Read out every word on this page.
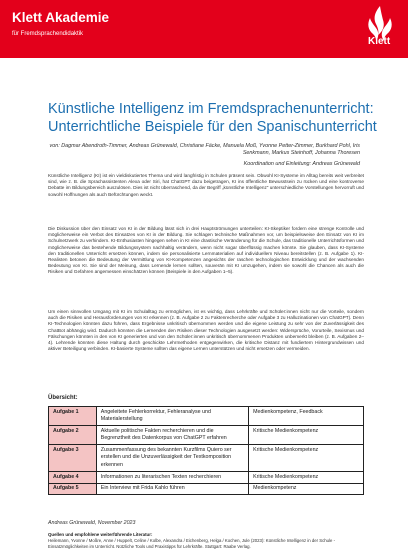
Klett Akademie
für Fremdsprachendidaktik
Klett
Künstliche Intelligenz im Fremdsprachenunterricht: Unterrichtliche Beispiele für den Spanischunterricht
von: Dagmar Abendroth-Timmer, Andreas Grünewald, Christiane Fäcke, Manuela Moß, Yvonne Petter-Zimmer, Burkhard Pohl, Iris Senkmann, Markus Steinhoff, Johanna Thoresen
Koordination und Einleitung: Andreas Grünewald

Künstliche Intelligenz (KI) ist ein vieldiskutiertes Thema und wird langfristig in Schulen präsent sein. Obwohl KI-Systeme im Alltag bereits weit verbreitet sind, wie z. B. die Sprachassistenten Alexa oder Siri, hat ChatGPT dazu beigetragen, KI ins öffentliche Bewusstsein zu rücken und eine kontroverse Debatte im Bildungsbereich auszulösen. Dies ist nicht überraschend, da der Begriff „künstliche Intelligenz“ unterschiedliche Vorstellungen hervorruft und sowohl Hoffnungen als auch Befürchtungen weckt.

Die Diskussion über den Einsatz von KI in der Bildung lässt sich in drei Hauptströmungen unterteilen: KI-Skeptiker fordern eine strenge Kontrolle und möglicherweise ein Verbot des Einsatzes von KI in der Bildung. Sie schlagen technische Maßnahmen vor, um beispielsweise den Einsatz von KI im Schulnetzwerk zu verhindern. KI-Enthusiasten hingegen sehen in KI eine drastische Veränderung für die Schule, das traditionelle Unterrichtsformen und möglicherweise das bestehende Bildungssystem nachhaltig verändern, wenn nicht sogar überflüssig machen könnte. Sie glauben, dass KI-Systeme den traditionellen Unterricht ersetzen können, indem sie personalisierte Lernmaterialien auf individuellem Niveau bereitstellen (z. B. Aufgabe 1). KI-Realisten betonen die Bedeutung der Vermittlung von KI-Kompetenzen angesichts der raschen technologischen Entwicklung und der wachsenden Bedeutung von KI. Sie sind der Meinung, dass Lernende lernen sollten, souverän mit KI umzugehen, indem sie sowohl die Chancen als auch die Risiken und Gefahren angemessen einschätzen können (Beispiele in den Aufgaben 1–5).

Um einen sinnvollen Umgang mit KI im Schulalltag zu ermöglichen, ist es wichtig, dass Lehrkräfte und Schüler:innen nicht nur die Vorteile, sondern auch die Risiken und Herausforderungen von KI erkennen (z. B. Aufgabe 2 zu Faktenrecherche oder Aufgabe 3 zu Halluzinationen von ChatGPT). Denn KI-Technologien könnten dazu führen, dass Ergebnisse unkritisch übernommen werden und die eigene Leistung zu sehr von der Zuverlässigkeit des ChatBot abhängig wird. Dadurch könnten die Lernenden den Risiken dieser Technologien ausgesetzt werden: Widersprüche, Vorurteile, Sexismus und Fälschungen könnten in den von KI generierten und von den Schüler:innen unkritisch übernommenen Produkten unbemerkt bleiben (z. B. Aufgaben 2–4). Lehrende könnten diese Haltung durch geschickte Lehrmethoden entgegenwirken, die kritische Distanz mit fundiertem Hintergrundwissen und aktiver Beteiligung verbinden. KI-basierte Systeme sollten das eigene Lernen unterstützen und nicht ersetzen oder vermeiden.

Übersicht:
Aufgabe 1	Angeleitete Fehlerkorrektur, Fehleranalyse und Materialerstellung	Medienkompetenz, Feedback
Aufgabe 2	Aktuelle politische Fakten recherchieren und die Begrenztheit des Datenkorpus von ChatGPT erfahren	Kritische Medienkompetenz
Aufgabe 3	Zusammenfassung des bekannten Kurzfilms Quiero ser erstellen und die Unzuverlässigkeit der Textkomposition erkennen	Kritische Medienkompetenz
Aufgabe 4	Informationen zu literarischen Texten recherchieren	Kritische Medienkompetenz
Aufgabe 5	Ein Interview mit Frida Kahlo führen	Medienkompetenz
Andreas Grünewald, November 2023
Quellen und empfohlene weiterführende Literatur:
Heilemann, Yvonne / Moßre, Anne / Huppelt, Celine / Kolbe, Alexandra / Eichenberg, Helga / Kochen, Jule (2023): Künstliche Intelligenz in der Schule - Einsatzmöglichkeiten im Unterricht. Nützliche Tools und Praxistipps für Lehrkräfte. Stuttgart: Raabe Verlag.
